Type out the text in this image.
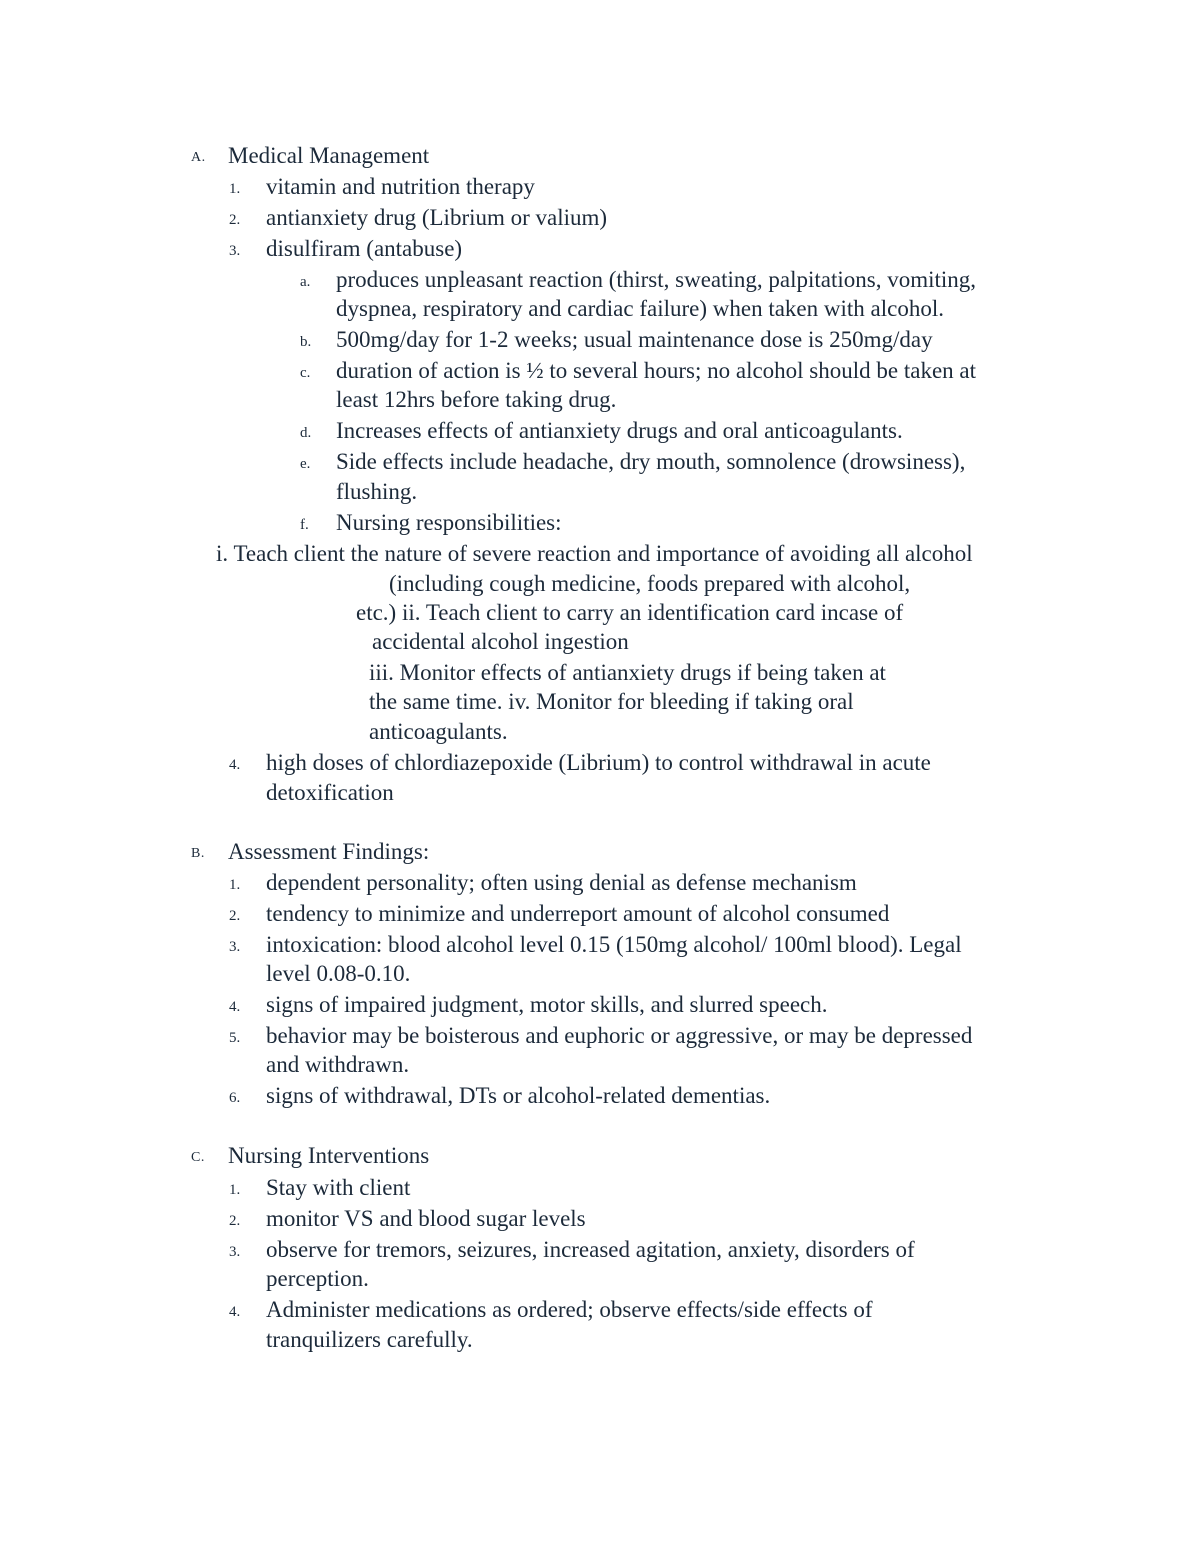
A. Medical Management
1. vitamin and nutrition therapy
2. antianxiety drug (Librium or valium)
3. disulfiram (antabuse)
a. produces unpleasant reaction (thirst, sweating, palpitations, vomiting,
dyspnea, respiratory and cardiac failure) when taken with alcohol.
b. 500mg/day for 1-2 weeks; usual maintenance dose is 250mg/day
c. duration of action is ½ to several hours; no alcohol should be taken at
least 12hrs before taking drug.
d. Increases effects of antianxiety drugs and oral anticoagulants.
e. Side effects include headache, dry mouth, somnolence (drowsiness),
flushing.
f. Nursing responsibilities:
i. Teach client the nature of severe reaction and importance of avoiding all alcohol
(including cough medicine, foods prepared with alcohol,
etc.) ii. Teach client to carry an identification card incase of
accidental alcohol ingestion
iii. Monitor effects of antianxiety drugs if being taken at
the same time. iv. Monitor for bleeding if taking oral
anticoagulants.
4. high doses of chlordiazepoxide (Librium) to control withdrawal in acute
detoxification
B. Assessment Findings:
1. dependent personality; often using denial as defense mechanism
2. tendency to minimize and underreport amount of alcohol consumed
3. intoxication: blood alcohol level 0.15 (150mg alcohol/ 100ml blood). Legal
level 0.08-0.10.
4. signs of impaired judgment, motor skills, and slurred speech.
5. behavior may be boisterous and euphoric or aggressive, or may be depressed
and withdrawn.
6. signs of withdrawal, DTs or alcohol-related dementias.
C. Nursing Interventions
1. Stay with client
2. monitor VS and blood sugar levels
3. observe for tremors, seizures, increased agitation, anxiety, disorders of
perception.
4. Administer medications as ordered; observe effects/side effects of
tranquilizers carefully.
